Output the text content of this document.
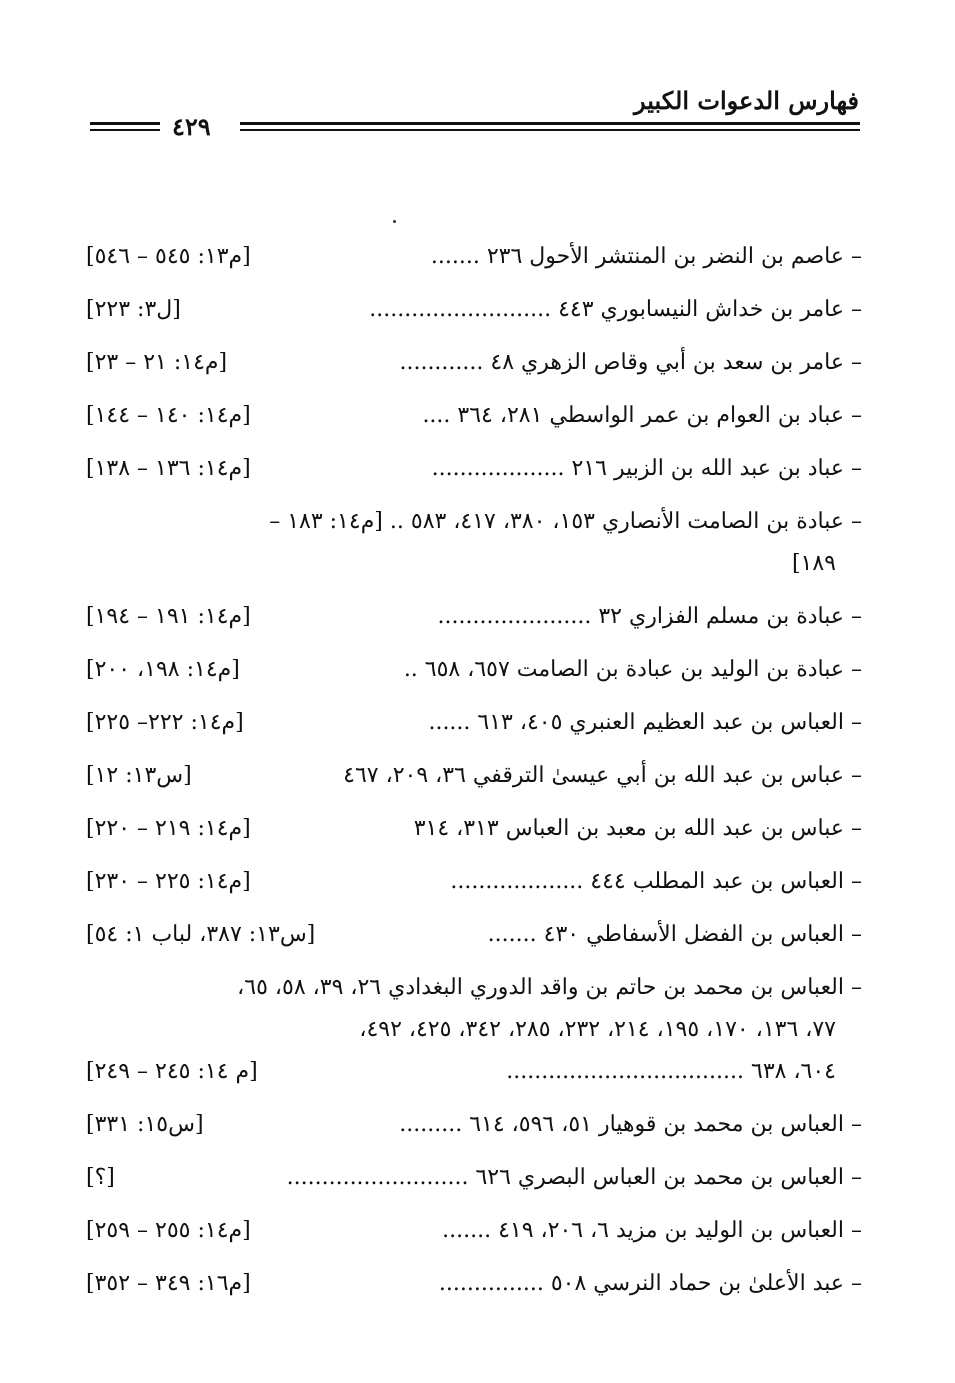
فهارس الدعوات الكبير
٤٢٩
– عاصم بن النضر بن المنتشر الأحول ٢٣٦ .......
[م١٣: ٥٤٥ – ٥٤٦]
– عامر بن خداش النيسابوري ٤٤٣ ..........................
[ل٣: ٢٢٣]
– عامر بن سعد بن أبي وقاص الزهري ٤٨ ............
[م١٤: ٢١ – ٢٣]
– عباد بن العوام بن عمر الواسطي ٢٨١، ٣٦٤ ....
[م١٤: ١٤٠ – ١٤٤]
– عباد بن عبد الله بن الزبير ٢١٦ ...................
[م١٤: ١٣٦ – ١٣٨]
– عبادة بن الصامت الأنصاري ١٥٣، ٣٨٠، ٤١٧، ٥٨٣ .. [م١٤: ١٨٣ –
١٨٩]
– عبادة بن مسلم الفزاري ٣٢ ......................
[م١٤: ١٩١ – ١٩٤]
– عبادة بن الوليد بن عبادة بن الصامت ٦٥٧، ٦٥٨ ..
[م١٤: ١٩٨، ٢٠٠]
– العباس بن عبد العظيم العنبري ٤٠٥، ٦١٣ ......
[م١٤: ٢٢٢– ٢٢٥]
– عباس بن عبد الله بن أبي عيسىٰ الترقفي ٣٦، ٢٠٩، ٤٦٧
[س١٣: ١٢]
– عباس بن عبد الله بن معبد بن العباس ٣١٣، ٣١٤
[م١٤: ٢١٩ – ٢٢٠]
– العباس بن عبد المطلب ٤٤٤ ...................
[م١٤: ٢٢٥ – ٢٣٠]
– العباس بن الفضل الأسفاطي ٤٣٠ .......
[س١٣: ٣٨٧، لباب ١: ٥٤]
– العباس بن محمد بن حاتم بن واقد الدوري البغدادي ٢٦، ٣٩، ٥٨، ٦٥،
٧٧، ١٣٦، ١٧٠، ١٩٥، ٢١٤، ٢٣٢، ٢٨٥، ٣٤٢، ٤٢٥، ٤٩٢،
٦٠٤، ٦٣٨ ..................................
[م ١٤: ٢٤٥ – ٢٤٩]
– العباس بن محمد بن قوهيار ٥١، ٥٩٦، ٦١٤ .........
[س١٥: ٣٣١]
– العباس بن محمد بن العباس البصري ٦٢٦ ..........................
[؟]
– العباس بن الوليد بن مزيد ٦، ٢٠٦، ٤١٩ .......
[م١٤: ٢٥٥ – ٢٥٩]
– عبد الأعلىٰ بن حماد النرسي ٥٠٨ ...............
[م١٦: ٣٤٩ – ٣٥٢]
